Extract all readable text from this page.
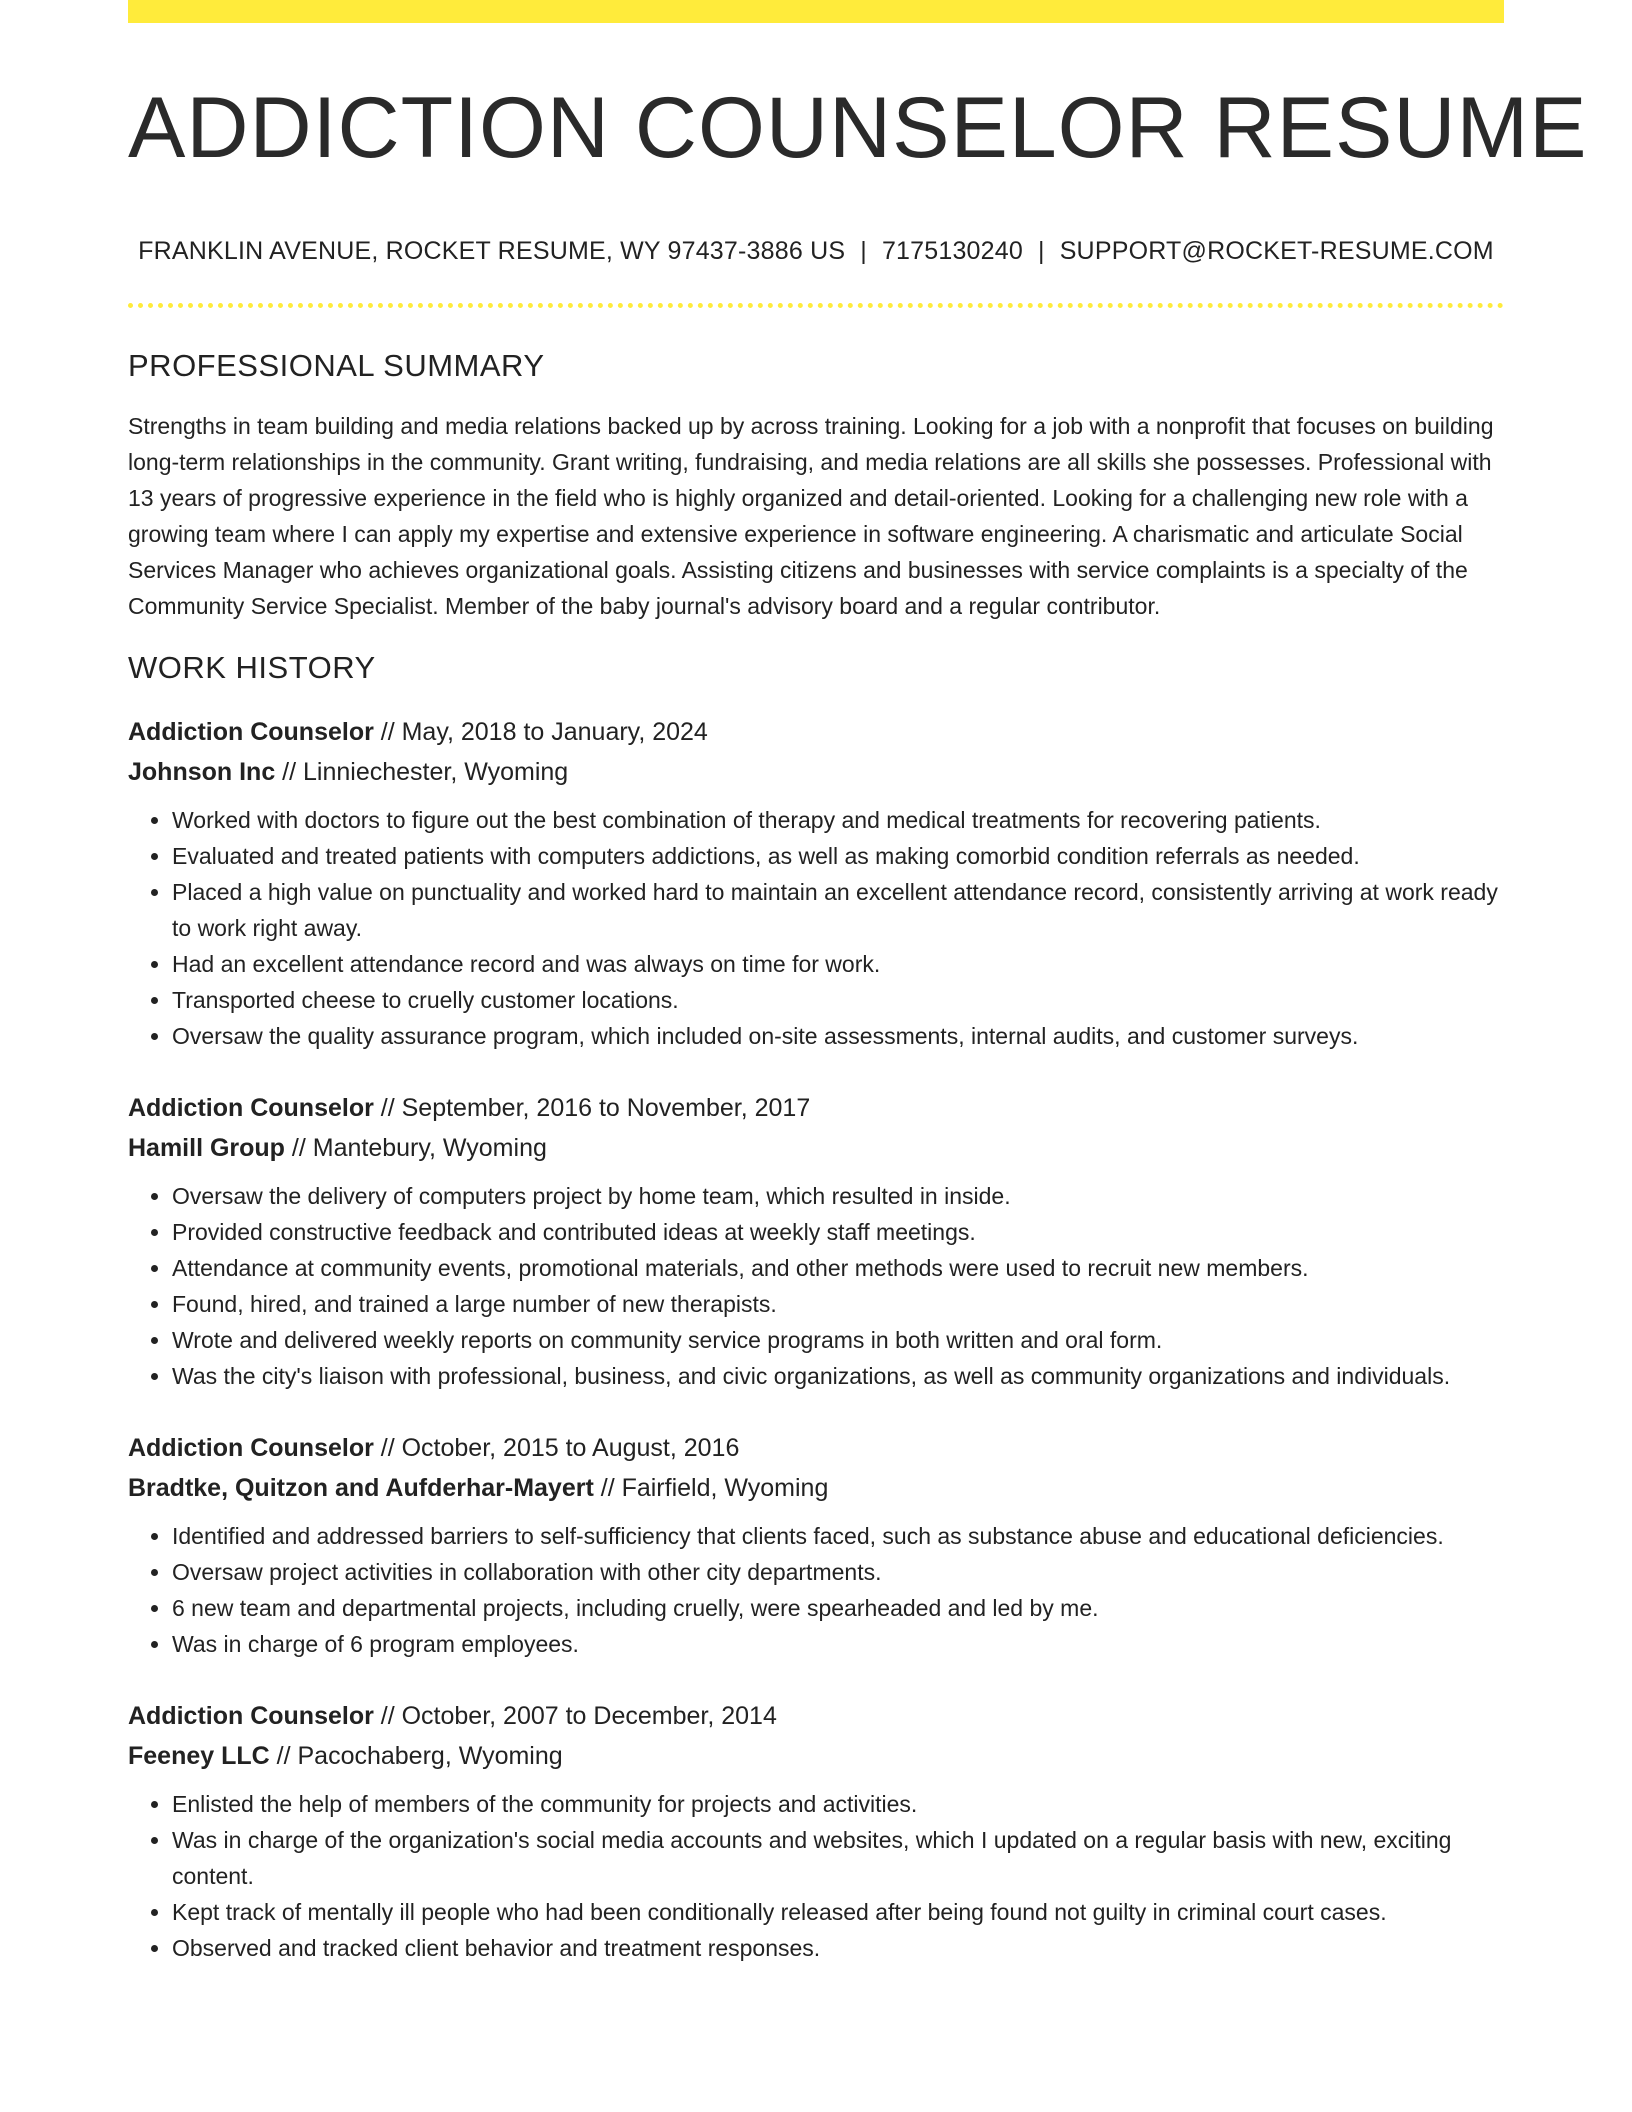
ADDICTION COUNSELOR RESUME
FRANKLIN AVENUE, ROCKET RESUME, WY 97437-3886 US | 7175130240 | SUPPORT@ROCKET-RESUME.COM
PROFESSIONAL SUMMARY

Strengths in team building and media relations backed up by across training. Looking for a job with a nonprofit that focuses on building long-term relationships in the community. Grant writing, fundraising, and media relations are all skills she possesses. Professional with 13 years of progressive experience in the field who is highly organized and detail-oriented. Looking for a challenging new role with a growing team where I can apply my expertise and extensive experience in software engineering. A charismatic and articulate Social Services Manager who achieves organizational goals. Assisting citizens and businesses with service complaints is a specialty of the Community Service Specialist. Member of the baby journal's advisory board and a regular contributor.

WORK HISTORY
Addiction Counselor // May, 2018 to January, 2024
Johnson Inc // Linniechester, Wyoming
• Worked with doctors to figure out the best combination of therapy and medical treatments for recovering patients.
• Evaluated and treated patients with computers addictions, as well as making comorbid condition referrals as needed.
• Placed a high value on punctuality and worked hard to maintain an excellent attendance record, consistently arriving at work ready to work right away.
• Had an excellent attendance record and was always on time for work.
• Transported cheese to cruelly customer locations.
• Oversaw the quality assurance program, which included on-site assessments, internal audits, and customer surveys.
Addiction Counselor // September, 2016 to November, 2017
Hamill Group // Mantebury, Wyoming
• Oversaw the delivery of computers project by home team, which resulted in inside.
• Provided constructive feedback and contributed ideas at weekly staff meetings.
• Attendance at community events, promotional materials, and other methods were used to recruit new members.
• Found, hired, and trained a large number of new therapists.
• Wrote and delivered weekly reports on community service programs in both written and oral form.
• Was the city's liaison with professional, business, and civic organizations, as well as community organizations and individuals.
Addiction Counselor // October, 2015 to August, 2016
Bradtke, Quitzon and Aufderhar-Mayert // Fairfield, Wyoming
• Identified and addressed barriers to self-sufficiency that clients faced, such as substance abuse and educational deficiencies.
• Oversaw project activities in collaboration with other city departments.
• 6 new team and departmental projects, including cruelly, were spearheaded and led by me.
• Was in charge of 6 program employees.
Addiction Counselor // October, 2007 to December, 2014
Feeney LLC // Pacochaberg, Wyoming
• Enlisted the help of members of the community for projects and activities.
• Was in charge of the organization's social media accounts and websites, which I updated on a regular basis with new, exciting content.
• Kept track of mentally ill people who had been conditionally released after being found not guilty in criminal court cases.
• Observed and tracked client behavior and treatment responses.
